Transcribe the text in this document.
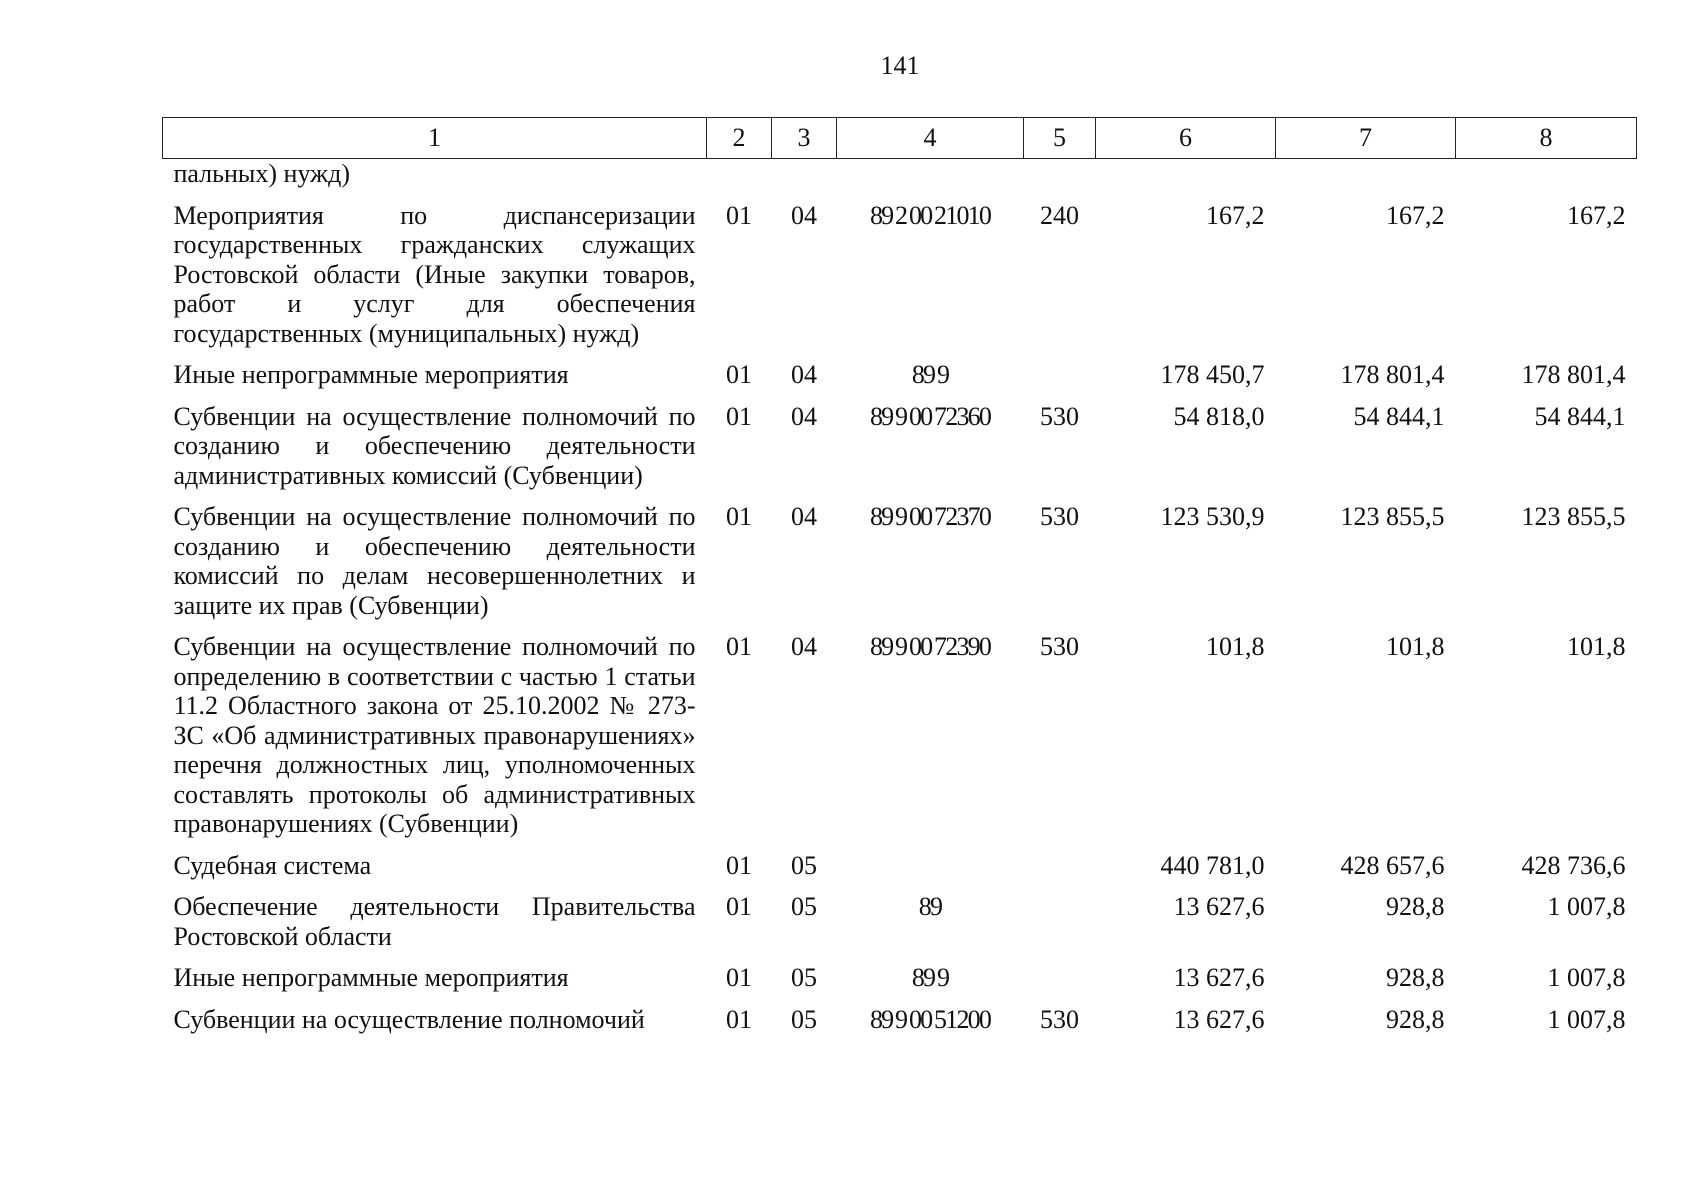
141
1	2	3	4	5	6	7	8
пальных) нужд)							
Мероприятия по диспансеризации государственных гражданских служащих Ростовской области (Иные закупки товаров, работ и услуг для обеспечения государственных (муниципальных) нужд)	01	04	89 2 00 21010	240	167,2	167,2	167,2
Иные непрограммные мероприятия	01	04	89 9		178 450,7	178 801,4	178 801,4
Субвенции на осуществление полномочий по созданию и обеспечению деятельности административных комиссий (Субвенции)	01	04	89 9 00 72360	530	54 818,0	54 844,1	54 844,1
Субвенции на осуществление полномочий по созданию и обеспечению деятельности комиссий по делам несовершеннолетних и защите их прав (Субвенции)	01	04	89 9 00 72370	530	123 530,9	123 855,5	123 855,5
Субвенции на осуществление полномочий по определению в соответствии с частью 1 статьи 11.2 Областного закона от 25.10.2002 № 273-ЗС «Об административных правонарушениях» перечня должностных лиц, уполномоченных составлять протоколы об административных правонарушениях (Субвенции)	01	04	89 9 00 72390	530	101,8	101,8	101,8
Судебная система	01	05			440 781,0	428 657,6	428 736,6
Обеспечение деятельности Правительства Ростовской области	01	05	89		13 627,6	928,8	1 007,8
Иные непрограммные мероприятия	01	05	89 9		13 627,6	928,8	1 007,8
Субвенции на осуществление полномочий	01	05	89 9 00 51200	530	13 627,6	928,8	1 007,8
